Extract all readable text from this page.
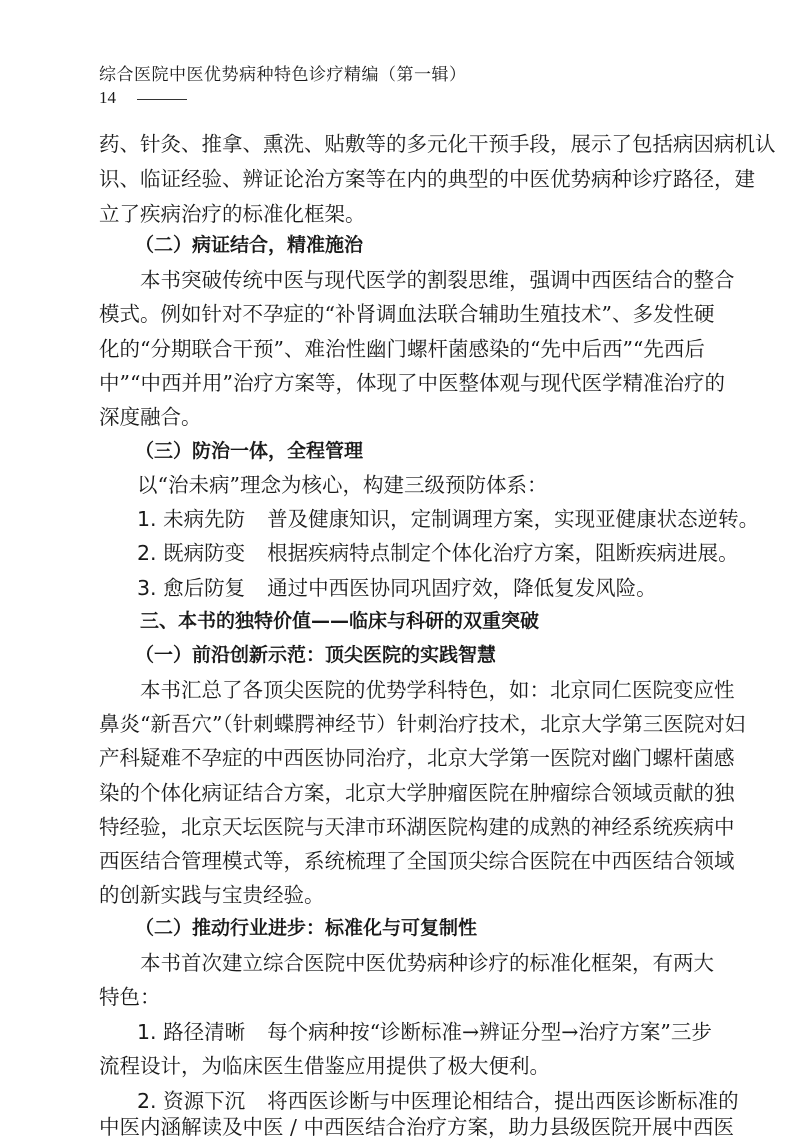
综合医院中医优势病种特色诊疗精编（第一辑）
14
药、针灸、推拿、熏洗、贴敷等的多元化干预手段，展示了包括病因病机认
识、临证经验、辨证论治方案等在内的典型的中医优势病种诊疗路径，建
立了疾病治疗的标准化框架。
（二）病证结合，精准施治
本书突破传统中医与现代医学的割裂思维，强调中西医结合的整合
模式。例如针对不孕症的“补肾调血法联合辅助生殖技术”、多发性硬
化的“分期联合干预”、难治性幽门螺杆菌感染的“先中后西”“先西后
中”“中西并用”治疗方案等，体现了中医整体观与现代医学精准治疗的
深度融合。
（三）防治一体，全程管理
以“治未病”理念为核心，构建三级预防体系：
1. 未病先防 普及健康知识，定制调理方案，实现亚健康状态逆转。
2. 既病防变 根据疾病特点制定个体化治疗方案，阻断疾病进展。
3. 愈后防复 通过中西医协同巩固疗效，降低复发风险。
三、本书的独特价值——临床与科研的双重突破
（一）前沿创新示范：顶尖医院的实践智慧
本书汇总了各顶尖医院的优势学科特色，如：北京同仁医院变应性
鼻炎“新吾穴”（针刺蝶腭神经节）针刺治疗技术，北京大学第三医院对妇
产科疑难不孕症的中西医协同治疗，北京大学第一医院对幽门螺杆菌感
染的个体化病证结合方案，北京大学肿瘤医院在肿瘤综合领域贡献的独
特经验，北京天坛医院与天津市环湖医院构建的成熟的神经系统疾病中
西医结合管理模式等，系统梳理了全国顶尖综合医院在中西医结合领域
的创新实践与宝贵经验。
（二）推动行业进步：标准化与可复制性
本书首次建立综合医院中医优势病种诊疗的标准化框架，有两大
特色：
1. 路径清晰 每个病种按“诊断标准→辨证分型→治疗方案”三步
流程设计，为临床医生借鉴应用提供了极大便利。
2. 资源下沉 将西医诊断与中医理论相结合，提出西医诊断标准的
中医内涵解读及中医 / 中西医结合治疗方案，助力县级医院开展中西医
